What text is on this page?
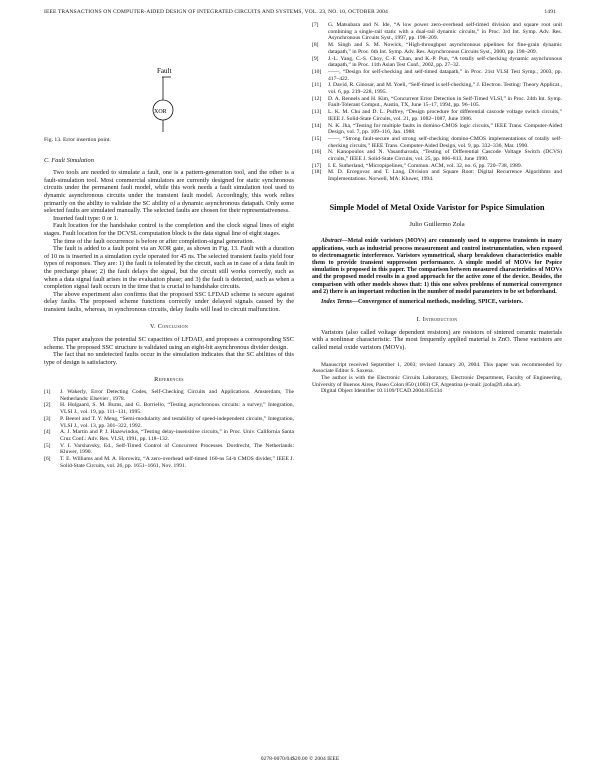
IEEE TRANSACTIONS ON COMPUTER-AIDED DESIGN OF INTEGRATED CIRCUITS AND SYSTEMS, VOL. 23, NO. 10, OCTOBER 2004	1491
Fault
XOR
Fig. 13. Error insertion point.
C. Fault Simulation

Two tools are needed to simulate a fault, one is a pattern-generation tool, and the other is a fault-simulation tool. Most commercial simulators are currently designed for static synchronous circuits under the permanent fault model, while this work needs a fault simulation tool used to dynamic asynchronous circuits under the transient fault model. Accordingly, this work relies primarily on the ability to validate the SC ability of a dynamic asynchronous datapath. Only some selected faults are simulated manually. The selected faults are chosen for their representativeness.

Inserted fault type: 0 or 1.

Fault location for the handshake control is the completion and the clock signal lines of eight stages. Fault location for the DCVSL computation block is the data signal line of eight stages.

The time of the fault occurrence is before or after completion-signal generation.

The fault is added to a fault point via an XOR gate, as shown in Fig. 13. Fault with a duration of 10 ns is inserted in a simulation cycle operated for 45 ns. The selected transient faults yield four types of responses. They are: 1) the fault is tolerated by the circuit, such as in case of a data fault in the precharge phase; 2) the fault delays the signal, but the circuit still works correctly, such as when a data signal fault arises in the evaluation phase; and 3) the fault is detected, such as when a completion signal fault occurs in the time that is crucial to handshake circuits.

The above experiment also confirms that the proposed SSC LFDAD scheme is secure against delay faults. The proposed scheme functions correctly under delayed signals caused by the transient faults, whereas, in synchronous circuits, delay faults will lead to circuit malfunction.

V. Conclusion

This paper analyzes the potential SC capacities of LFDAD, and proposes a corresponding SSC scheme. The proposed SSC structure is validated using an eight-bit asynchronous divider design.

The fact that no undetected faults occur in the simulation indicates that the SC abilities of this type of design is satisfactory.

References
[1]	J. Wakerly, Error Detecting Codes, Self-Checking Circuits and Applications. Amsterdam, The Netherlands: Elsevier , 1978.
[2]	H. Hulgaard, S. M. Burns, and G. Borriello, “Testing asynchronous circuits: a survey,” Integration, VLSI J., vol. 19, pp. 111–131, 1995.
[3]	P. Beerel and T. Y. Meng, “Semi-modularity and testability of speed-independent circuits,” Integration, VLSI J., vol. 13, pp. 301–322, 1992.
[4]	A. J. Martin and P. J. Hazewindus, “Testing delay-insensitive circuits,” in Proc. Univ. California Santa Cruz Conf.: Adv. Res. VLSI, 1991, pp. 118–132.
[5]	V. I. Varshavsky, Ed., Self-Timed Control of Concurrent Processes. Dordrecht, The Netherlands: Kluwer, 1990.
[6]	T. E. Williams and M. A. Horowitz, “A zero-overhead self-timed 160-ns 54-b CMOS divider,” IEEE J. Solid-State Circuits, vol. 26, pp. 1651–1661, Nov. 1991.
[7]	G. Matsubara and N. Ide, “A low power zero-overhead self-timed division and square root unit combining a single-rail static with a dual-rail dynamic circuits,” in Proc. 3rd Int. Symp. Adv. Res. Asynchronous Circuits Syst., 1997, pp. 198–209.
[8]	M. Singh and S. M. Nowick, “High-throughput asynchronous pipelines for fine-grain dynamic datapath,” in Proc. 6th Int. Symp. Adv. Res. Asynchronous Circuits Syst., 2000, pp. 198–209.
[9]	J.-L. Yang, C.-S. Choy, C.-F. Chan, and K.-P. Pun, “A totally self-checking dynamic asynchronous datapath,” in Proc. 11th Asian Test Conf., 2002, pp. 27–32.
[10]	——, “Design for self-checking and self-timed datapath,” in Proc. 21st VLSI Test Symp., 2003, pp. 417–422.
[11]	J. David, R. Ginosar, and M. Yoeli, “Self-timed is self-checking,” J. Electron. Testing: Theory Applicat., vol. 6, pp. 219–228, 1995.
[12]	D. A. Rennels and H. Kim, “Concurrent Error Detection in Self-Timed VLSI,” in Proc. 24th Int. Symp. Fault-Tolerant Comput., Austin, TX, June 15–17, 1994, pp. 96–105.
[13]	L. K. M. Chu and D. L. Pulfrey, “Design procedure for differential cascode voltage switch circuits,” IEEE J. Solid-State Circuits, vol. 21, pp. 1082–1087, June 1986.
[14]	N. K. Jha, “Testing for multiple faults in domino-CMOS logic circuits,” IEEE Trans. Computer-Aided Design, vol. 7, pp. 109–116, Jan. 1988.
[15]	——, “Strong fault-secure and strong self-checking domino-CMOS implementations of totally self-checking circuits,” IEEE Trans. Computer-Aided Design, vol. 9, pp. 332–336, Mar. 1990.
[16]	N. Kanopoulos and N. Vasanthavada, “Testing of Differential Cascode Voltage Switch (DCVS) circuits,” IEEE J. Solid-State Circuits, vol. 25, pp. 806–813, June 1990.
[17]	I. E. Sutherland, “Micropipelines,” Commun. ACM, vol. 32, no. 6, pp. 720–738, 1989.
[18]	M. D. Ercegovac and T. Lang, Division and Square Root: Digital Recurrence Algorithms and Implementations. Norwell, MA: Kluwer, 1994.
Simple Model of Metal Oxide Varistor for Pspice Simulation
Julio Guillermo Zola
Abstract—Metal oxide varistors (MOVs) are commonly used to suppress transients in many applications, such as industrial process measurement and control instrumentation, when exposed to electromagnetic interference. Varistors symmetrical, sharp breakdown characteristics enable them to provide transient suppression performance. A simple model of MOVs for Pspice simulation is proposed in this paper. The comparison between measured characteristics of MOVs and the proposed model results in a good approach for the active zone of the device. Besides, the comparison with other models shows that: 1) this one solves problems of numerical convergence and 2) there is an important reduction in the number of model parameters to be set beforehand.
Index Terms—Convergence of numerical methods, modeling, SPICE, varistors.
I. Introduction

Varistors (also called voltage dependent resistors) are resistors of sintered ceramic materials with a nonlinear characteristic. The most frequently applied material is ZnO. These varistors are called metal oxide varistors (MOVs).

Manuscript received September 1, 2003; revised January 20, 2004. This paper was recommended by Associate Editor S. Saxena.

The author is with the Electronic Circuits Laboratory, Electronic Department, Faculty of Engineering, University of Buenos Aires, Paseo Colon 850 (1063) CF, Argentina (e-mail: jzola@fi.uba.ar).

Digital Object Identifier 10.1109/TCAD.2004.835134

0278-0070/04$20.00 © 2004 IEEE
